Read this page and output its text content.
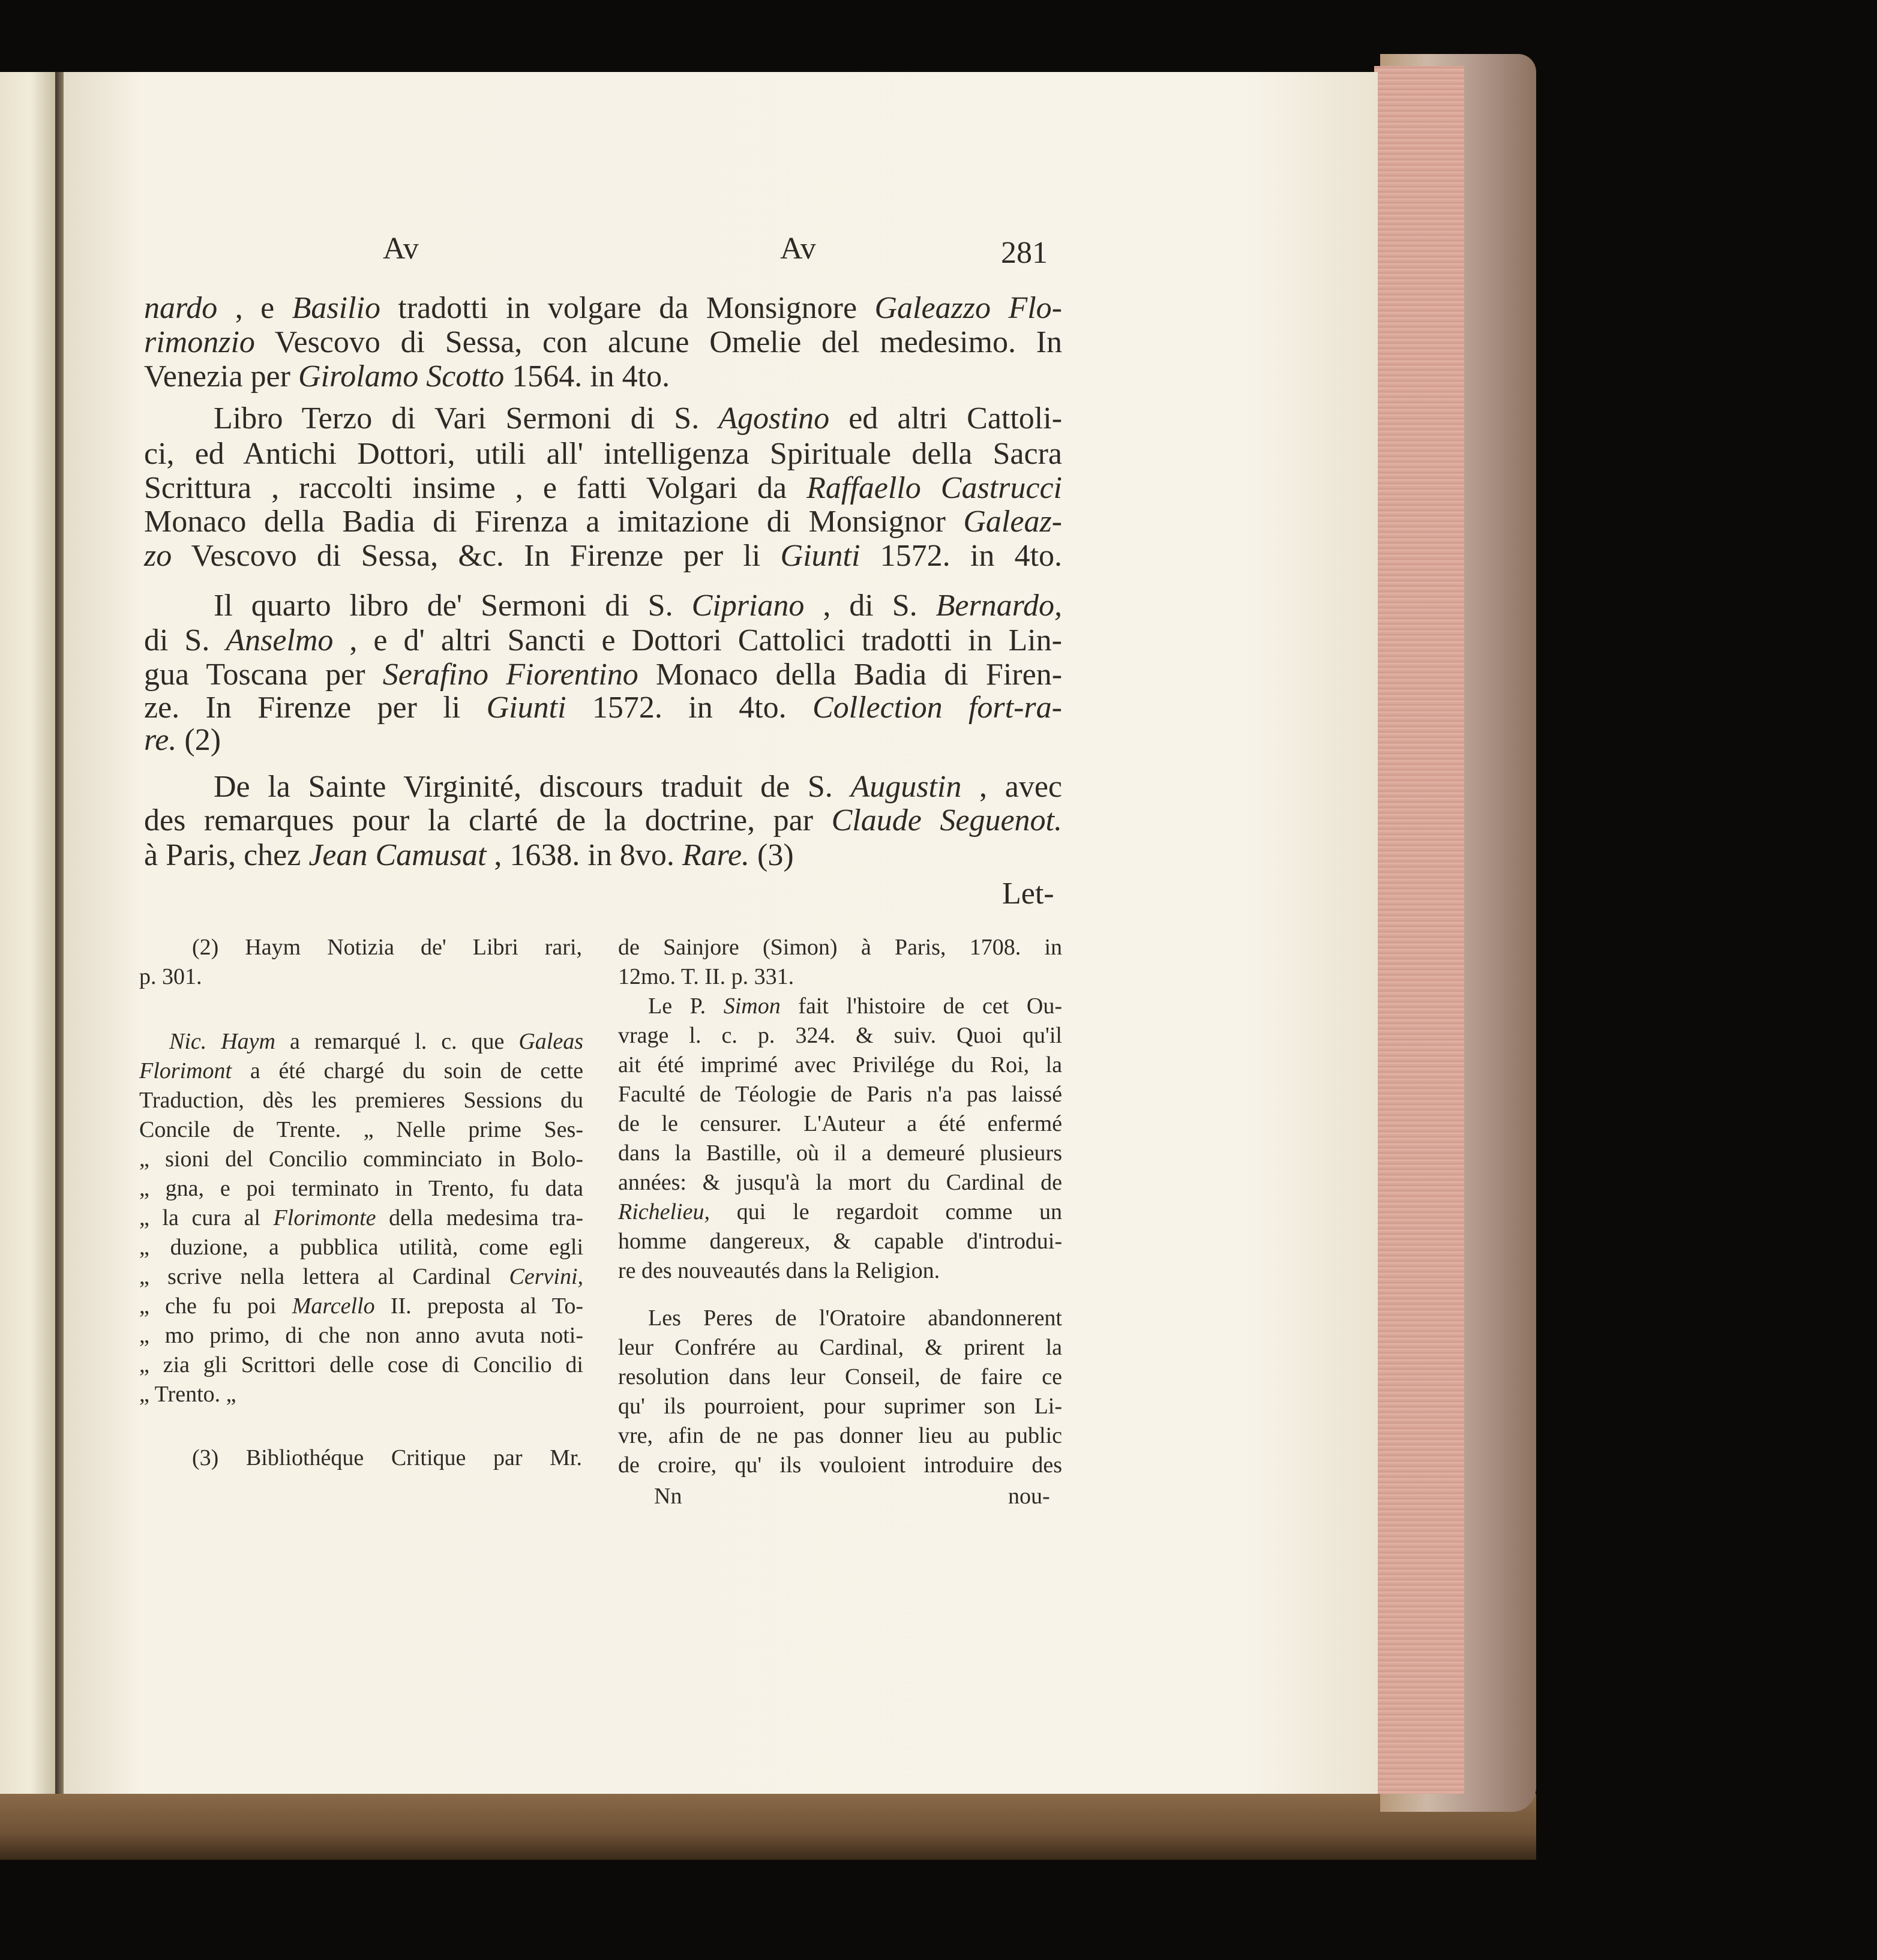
Av	Av	281
nardo , e Basilio tradotti in volgare da Monsignore Galeazzo Flo-
rimonzio Vescovo di Sessa, con alcune Omelie del medesimo. In
Venezia per Girolamo Scotto 1564. in 4to.
Libro Terzo di Vari Sermoni di S. Agostino ed altri Cattoli-
ci, ed Antichi Dottori, utili all' intelligenza Spirituale della Sacra
Scrittura , raccolti insime , e fatti Volgari da Raffaello Castrucci
Monaco della Badia di Firenza a imitazione di Monsignor Galeaz-
zo Vescovo di Sessa, &c. In Firenze per li Giunti 1572. in 4to.
Il quarto libro de' Sermoni di S. Cipriano , di S. Bernardo,
di S. Anselmo , e d' altri Sancti e Dottori Cattolici tradotti in Lin-
gua Toscana per Serafino Fiorentino Monaco della Badia di Firen-
ze. In Firenze per li Giunti 1572. in 4to. Collection fort-ra-
re. (2)
De la Sainte Virginité, discours traduit de S. Augustin , avec
des remarques pour la clarté de la doctrine, par Claude Seguenot.
à Paris, chez Jean Camusat , 1638. in 8vo. Rare. (3)
Let-
(2) Haym Notizia de' Libri rari,
p. 301.
Nic. Haym a remarqué l. c. que Galeas
Florimont a été chargé du soin de cette
Traduction, dès les premieres Sessions du
Concile de Trente. „ Nelle prime Ses-
„ sioni del Concilio comminciato in Bolo-
„ gna, e poi terminato in Trento, fu data
„ la cura al Florimonte della medesima tra-
„ duzione, a pubblica utilità, come egli
„ scrive nella lettera al Cardinal Cervini,
„ che fu poi Marcello II. preposta al To-
„ mo primo, di che non anno avuta noti-
„ zia gli Scrittori delle cose di Concilio di
„ Trento. „
(3) Bibliothéque Critique par Mr.
de Sainjore (Simon) à Paris, 1708. in
12mo. T. II. p. 331.
Le P. Simon fait l'histoire de cet Ou-
vrage l. c. p. 324. & suiv. Quoi qu'il
ait été imprimé avec Privilége du Roi, la
Faculté de Téologie de Paris n'a pas laissé
de le censurer. L'Auteur a été enfermé
dans la Bastille, où il a demeuré plusieurs
années: & jusqu'à la mort du Cardinal de
Richelieu, qui le regardoit comme un
homme dangereux, & capable d'introdui-
re des nouveautés dans la Religion.
Les Peres de l'Oratoire abandonnerent
leur Confrére au Cardinal, & prirent la
resolution dans leur Conseil, de faire ce
qu' ils pourroient, pour suprimer son Li-
vre, afin de ne pas donner lieu au public
de croire, qu' ils vouloient introduire des
Nn	nou-
